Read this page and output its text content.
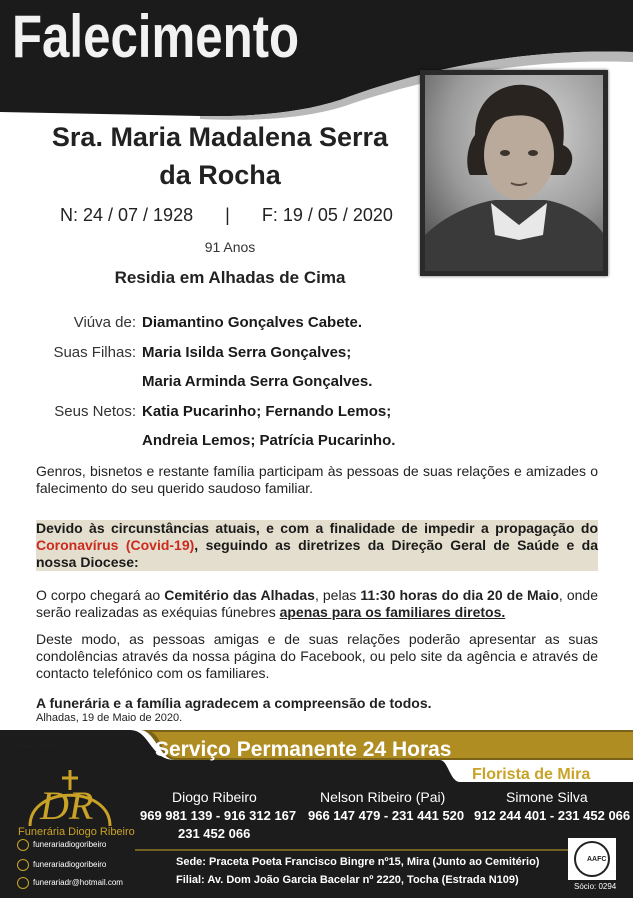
Falecimento
Sra. Maria Madalena Serra
da Rocha
N: 24 / 07 / 1928 | F: 19 / 05 / 2020
91 Anos
Residia em Alhadas de Cima
Viúva de: Diamantino Gonçalves Cabete.
Suas Filhas: Maria Isilda Serra Gonçalves;
Maria Arminda Serra Gonçalves.
Seus Netos: Katia Pucarinho; Fernando Lemos;
Andreia Lemos; Patrícia Pucarinho.
Genros, bisnetos e restante família participam às pessoas de suas relações e amizades o falecimento do seu querido saudoso familiar.
Devido às circunstâncias atuais, e com a finalidade de impedir a propagação do Coronavírus (Covid-19), seguindo as diretrizes da Direção Geral de Saúde e da nossa Diocese:
O corpo chegará ao Cemitério das Alhadas, pelas 11:30 horas do dia 20 de Maio, onde serão realizadas as exéquias fúnebres apenas para os familiares diretos.
Deste modo, as pessoas amigas e de suas relações poderão apresentar as suas condolências através da nossa página do Facebook, ou pelo site da agência e através de contacto telefónico com os familiares.
A funerária e a família agradecem a compreensão de todos.
Alhadas, 19 de Maio de 2020.
DGAE - 2841	Serviço Permanente 24 Horas
Florista de Mira
DR
Funerária Diogo Ribeiro
Diogo Ribeiro
969 981 139 - 916 312 167
231 452 066
Nelson Ribeiro (Pai)
966 147 479 - 231 441 520
Simone Silva
912 244 401 - 231 452 066
funerariadiogoribeiro
funerariadiogoribeiro
funerariadr@hotmail.com
Sede: Praceta Poeta Francisco Bingre nº15, Mira (Junto ao Cemitério)
Filial: Av. Dom João Garcia Bacelar nº 2220, Tocha (Estrada N109)
AAFC
Sócio: 0294
